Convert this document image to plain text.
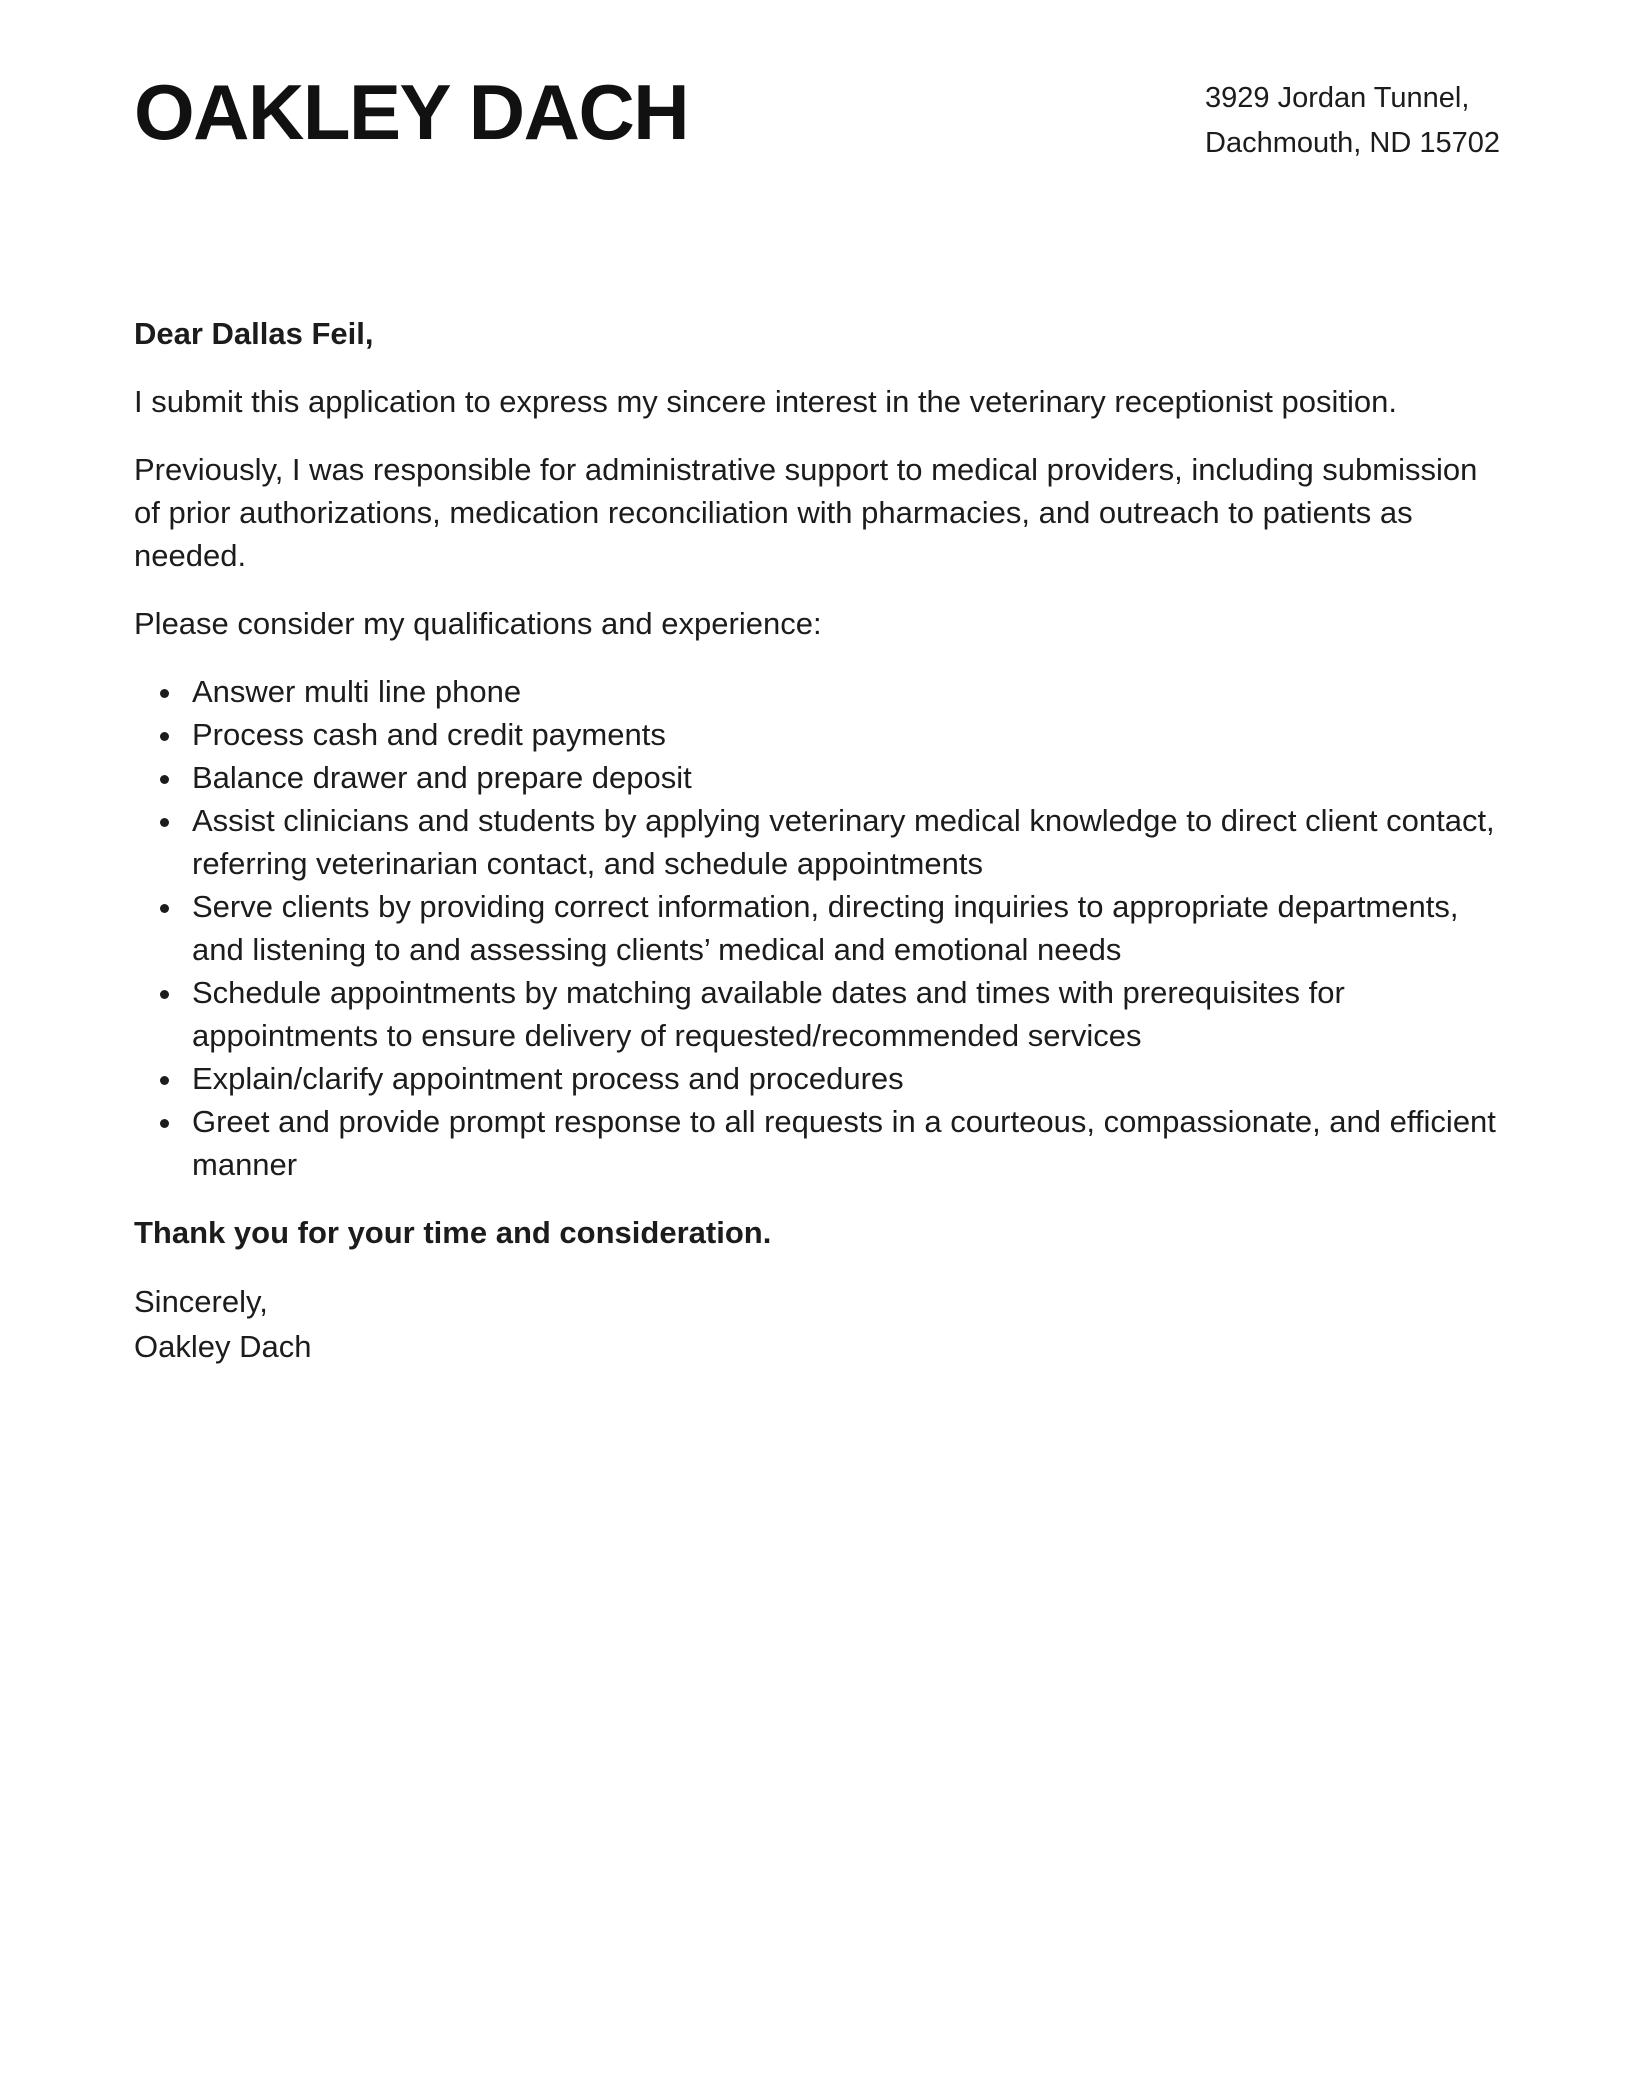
OAKLEY DACH	3929 Jordan Tunnel,
Dachmouth, ND 15702

Dear Dallas Feil,

I submit this application to express my sincere interest in the veterinary receptionist position.

Previously, I was responsible for administrative support to medical providers, including submission of prior authorizations, medication reconciliation with pharmacies, and outreach to patients as needed.

Please consider my qualifications and experience:

• Answer multi line phone
• Process cash and credit payments
• Balance drawer and prepare deposit
• Assist clinicians and students by applying veterinary medical knowledge to direct client contact, referring veterinarian contact, and schedule appointments
• Serve clients by providing correct information, directing inquiries to appropriate departments, and listening to and assessing clients’ medical and emotional needs
• Schedule appointments by matching available dates and times with prerequisites for appointments to ensure delivery of requested/recommended services
• Explain/clarify appointment process and procedures
• Greet and provide prompt response to all requests in a courteous, compassionate, and efficient manner

Thank you for your time and consideration.

Sincerely,
Oakley Dach
